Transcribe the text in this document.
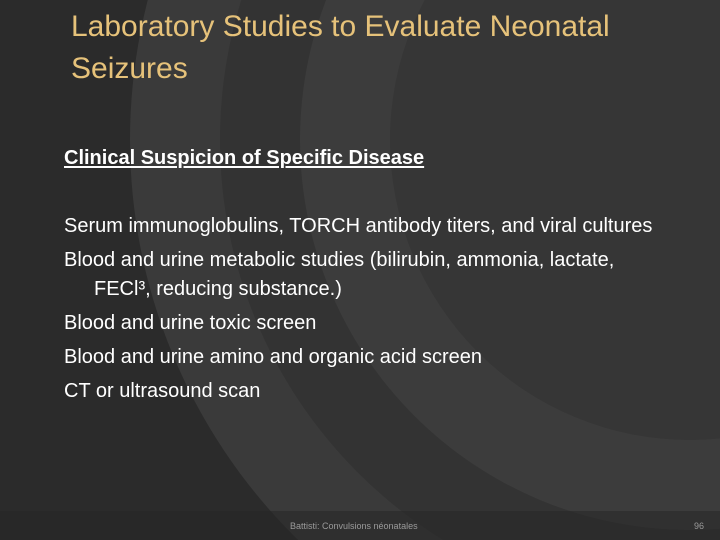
Laboratory Studies to Evaluate Neonatal Seizures
Clinical Suspicion of Specific Disease
Serum immunoglobulins, TORCH antibody titers, and viral cultures
Blood and urine metabolic studies (bilirubin, ammonia, lactate, FECl³, reducing substance.)
Blood and urine toxic screen
Blood and urine amino and organic acid screen
CT or ultrasound scan
Battisti: Convulsions néonatales	96
